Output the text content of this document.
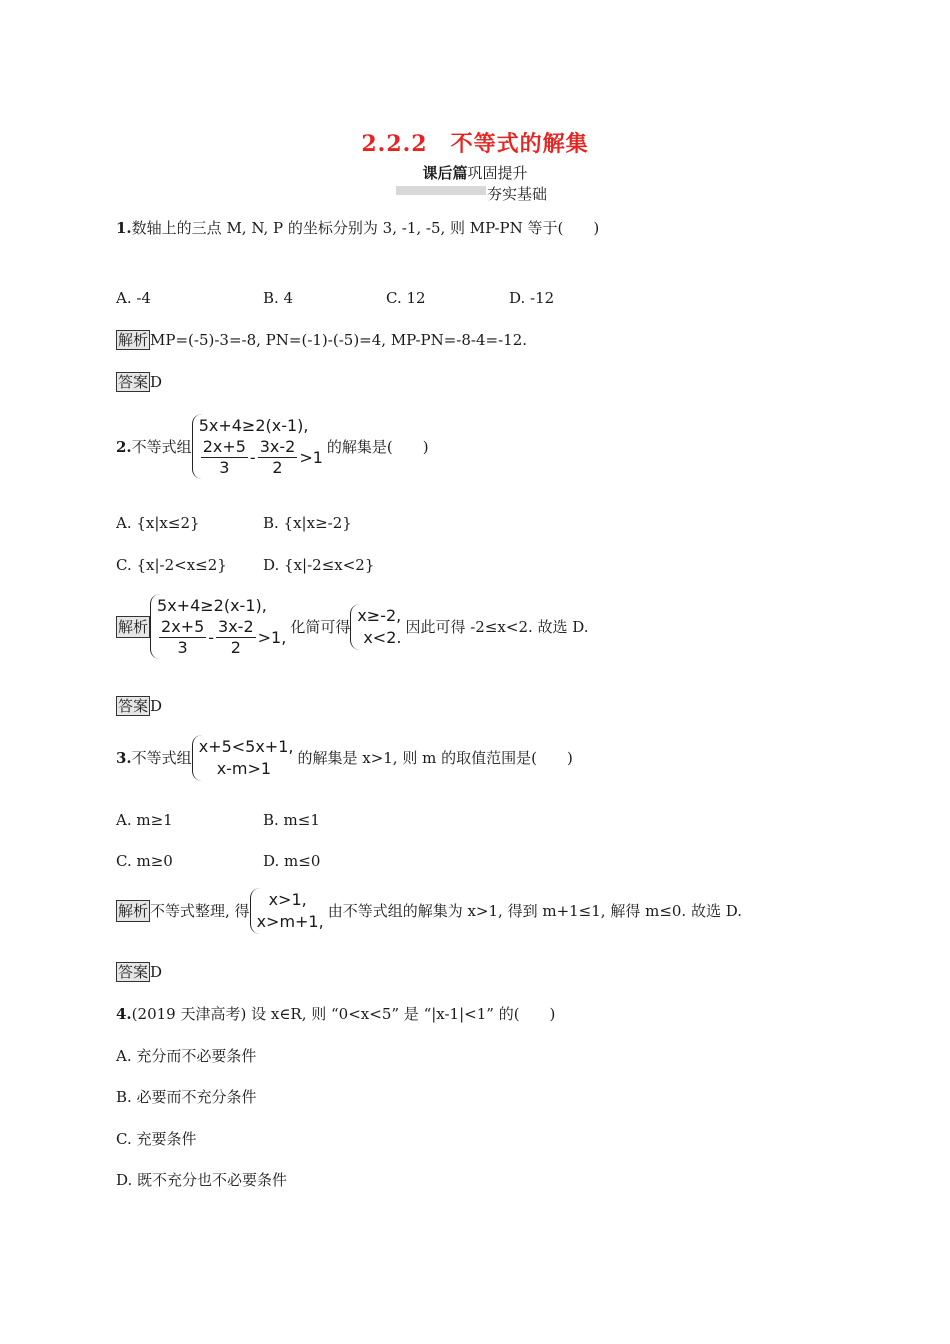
2.2.2　不等式的解集
课后篇巩固提升
夯实基础
1.数轴上的三点 M, N, P 的坐标分别为 3, -1, -5, 则 MP-PN 等于(　　)
A. -4	B. 4	C. 12	D. -12
解析 MP=(-5)-3=-8, PN=(-1)-(-5)=4, MP-PN=-8-4=-12.
答案 D
2. 不等式组
5x+4≥2(x-1),
$\frac{2x+5}{3} - \frac{3x-2}{2} >1$
的解集是(　　)
A. {x|x≤2}	B. {x|x≥-2}
C. {x|-2<x≤2} D. {x|-2≤x<2}
解析
5x+4≥2(x-1),
$\frac{2x+5}{3} - \frac{3x-2}{2} >1$,
化简可得
x≥-2,
x<2.
因此可得 -2≤x<2. 故选 D.
答案 D
3. 不等式组
x+5<5x+1,
x-m>1
的解集是 x>1, 则 m 的取值范围是(　　)
A. m≥1	B. m≤1
C. m≥0	D. m≤0
解析 不等式整理, 得
x>1,
x>m+1,
由不等式组的解集为 x>1, 得到 m+1≤1, 解得 m≤0. 故选 D.
答案 D
4.(2019 天津高考) 设 x∈R, 则 “0<x<5” 是 “|x-1|<1” 的(　　)
A. 充分而不必要条件
B. 必要而不充分条件
C. 充要条件
D. 既不充分也不必要条件
